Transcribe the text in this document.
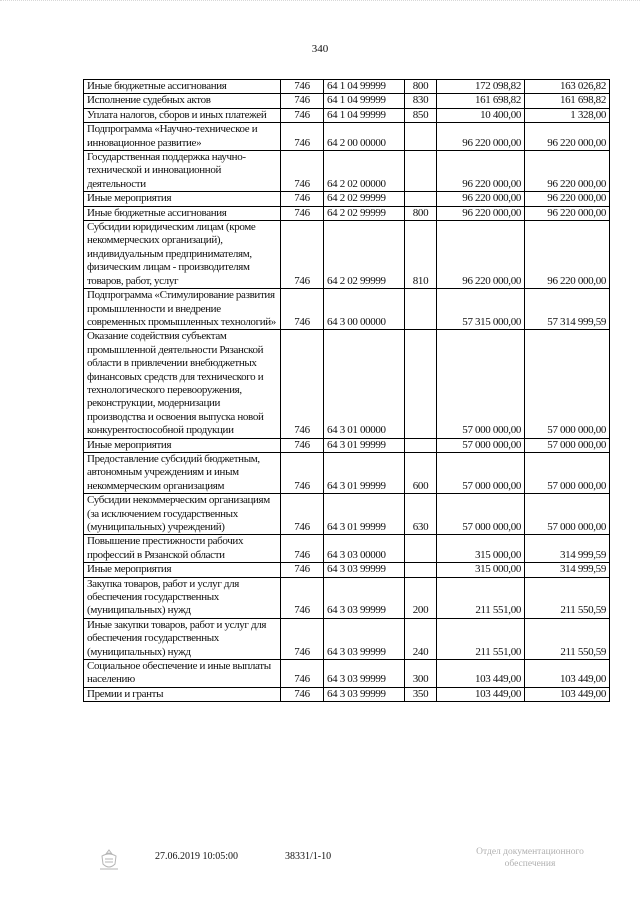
340
Иные бюджетные ассигнования	746	64 1 04 99999	800	172 098,82	163 026,82
Исполнение судебных актов	746	64 1 04 99999	830	161 698,82	161 698,82
Уплата налогов, сборов и иных платежей	746	64 1 04 99999	850	10 400,00	1 328,00
Подпрограмма «Научно-техническое и инновационное развитие»	746	64 2 00 00000		96 220 000,00	96 220 000,00
Государственная поддержка научно-технической и инновационной деятельности	746	64 2 02 00000		96 220 000,00	96 220 000,00
Иные мероприятия	746	64 2 02 99999		96 220 000,00	96 220 000,00
Иные бюджетные ассигнования	746	64 2 02 99999	800	96 220 000,00	96 220 000,00
Субсидии юридическим лицам (кроме некоммерческих организаций), индивидуальным предпринимателям, физическим лицам - производителям товаров, работ, услуг	746	64 2 02 99999	810	96 220 000,00	96 220 000,00
Подпрограмма «Стимулирование развития промышленности и внедрение современных промышленных технологий»	746	64 3 00 00000		57 315 000,00	57 314 999,59
Оказание содействия субъектам промышленной деятельности Рязанской области в привлечении внебюджетных финансовых средств для технического и технологического перевооружения, реконструкции, модернизации производства и освоения выпуска новой конкурентоспособной продукции	746	64 3 01 00000		57 000 000,00	57 000 000,00
Иные мероприятия	746	64 3 01 99999		57 000 000,00	57 000 000,00
Предоставление субсидий бюджетным, автономным учреждениям и иным некоммерческим организациям	746	64 3 01 99999	600	57 000 000,00	57 000 000,00
Субсидии некоммерческим организациям (за исключением государственных (муниципальных) учреждений)	746	64 3 01 99999	630	57 000 000,00	57 000 000,00
Повышение престижности рабочих профессий в Рязанской области	746	64 3 03 00000		315 000,00	314 999,59
Иные мероприятия	746	64 3 03 99999		315 000,00	314 999,59
Закупка товаров, работ и услуг для обеспечения государственных (муниципальных) нужд	746	64 3 03 99999	200	211 551,00	211 550,59
Иные закупки товаров, работ и услуг для обеспечения государственных (муниципальных) нужд	746	64 3 03 99999	240	211 551,00	211 550,59
Социальное обеспечение и иные выплаты населению	746	64 3 03 99999	300	103 449,00	103 449,00
Премии и гранты	746	64 3 03 99999	350	103 449,00	103 449,00
27.06.2019 10:05:00	38331/1-10	Отдел документационного обеспечения
